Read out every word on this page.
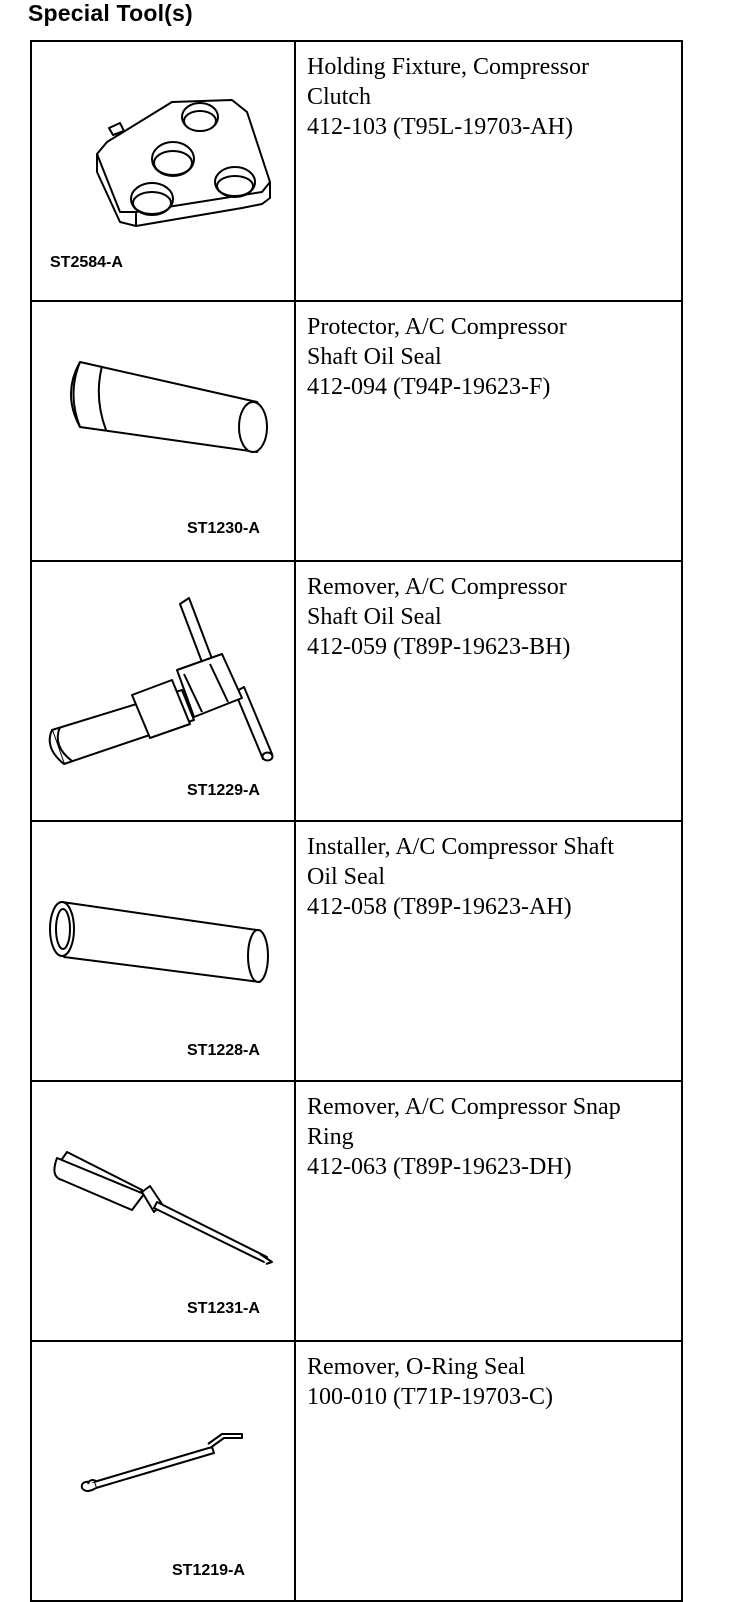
Special Tool(s)
ST2584-A	Holding Fixture, Compressor
Clutch
412-103 (T95L-19703-AH)

ST1230-A	Protector, A/C Compressor
Shaft Oil Seal
412-094 (T94P-19623-F)

ST1229-A	Remover, A/C Compressor
Shaft Oil Seal
412-059 (T89P-19623-BH)

ST1228-A	Installer, A/C Compressor Shaft
Oil Seal
412-058 (T89P-19623-AH)

ST1231-A	Remover, A/C Compressor Snap
Ring
412-063 (T89P-19623-DH)

ST1219-A	Remover, O-Ring Seal
100-010 (T71P-19703-C)
